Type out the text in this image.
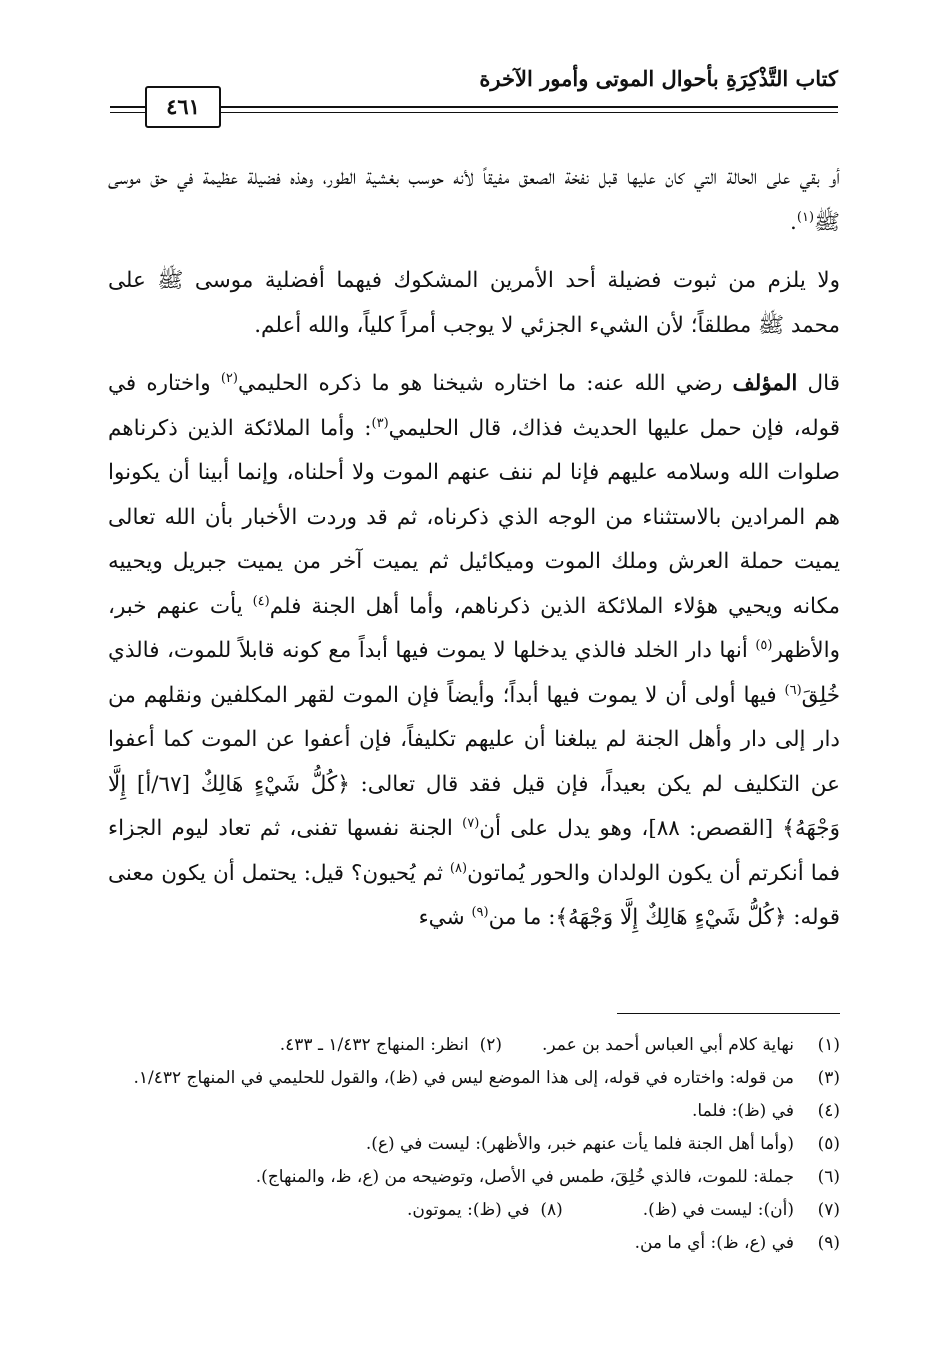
كتاب التَّذْكِرَةِ بأحوال الموتى وأمور الآخرة
٤٦١

أو بقي على الحالة التي كان عليها قبل نفخة الصعق مفيقاً لأنه حوسب بغشية الطور، وهذه فضيلة عظيمة في حق موسى ﷺ$^{(١)}$.

ولا يلزم من ثبوت فضيلة أحد الأمرين المشكوك فيهما أفضلية موسى ﷺ على محمد ﷺ مطلقاً؛ لأن الشيء الجزئي لا يوجب أمراً كلياً، والله أعلم.

قال المؤلف رضي الله عنه: ما اختاره شيخنا هو ما ذكره الحليمي$^{(٢)}$ واختاره في قوله، فإن حمل عليها الحديث فذاك، قال الحليمي$^{(٣)}$: وأما الملائكة الذين ذكرناهم صلوات الله وسلامه عليهم فإنا لم ننف عنهم الموت ولا أحلناه، وإنما أبينا أن يكونوا هم المرادين بالاستثناء من الوجه الذي ذكرناه، ثم قد وردت الأخبار بأن الله تعالى يميت حملة العرش وملك الموت وميكائيل ثم يميت آخر من يميت جبريل ويحييه مكانه ويحيي هؤلاء الملائكة الذين ذكرناهم، وأما أهل الجنة فلم$^{(٤)}$ يأت عنهم خبر، والأظهر$^{(٥)}$ أنها دار الخلد فالذي يدخلها لا يموت فيها أبداً مع كونه قابلاً للموت، فالذي خُلِقَ$^{(٦)}$ فيها أولى أن لا يموت فيها أبداً؛ وأيضاً فإن الموت لقهر المكلفين ونقلهم من دار إلى دار وأهل الجنة لم يبلغنا أن عليهم تكليفاً، فإن أعفوا عن الموت كما أعفوا عن التكليف لم يكن بعيداً، فإن قيل فقد قال تعالى: ﴿كُلُّ شَيْءٍ هَالِكٌ [٦٧/أ] إِلَّا وَجْهَهُ﴾ [القصص: ٨٨]، وهو يدل على أن$^{(٧)}$ الجنة نفسها تفنى، ثم تعاد ليوم الجزاء فما أنكرتم أن يكون الولدان والحور يُماتون$^{(٨)}$ ثم يُحيون؟ قيل: يحتمل أن يكون معنى قوله: ﴿كُلُّ شَيْءٍ هَالِكٌ إِلَّا وَجْهَهُ﴾: ما من$^{(٩)}$ شيء

(١)
نهاية كلام أبي العباس أحمد بن عمر.(٢)  انظر: المنهاج ١/٤٣٢ ـ ٤٣٣.

(٣)
من قوله: واختاره في قوله، إلى هذا الموضع ليس في (ظ)، والقول للحليمي في المنهاج ١/٤٣٢.

(٤)
في (ظ): فلما.

(٥)
(وأما أهل الجنة فلما يأت عنهم خبر، والأظهر): ليست في (ع).

(٦)
جملة: للموت، فالذي خُلِقَ، طمس في الأصل، وتوضيحه من (ع، ظ، والمنهاج).

(٧)
(أن): ليست في (ظ).(٨)  في (ظ): يموتون.

(٩)
في (ع، ظ): أي ما من.
